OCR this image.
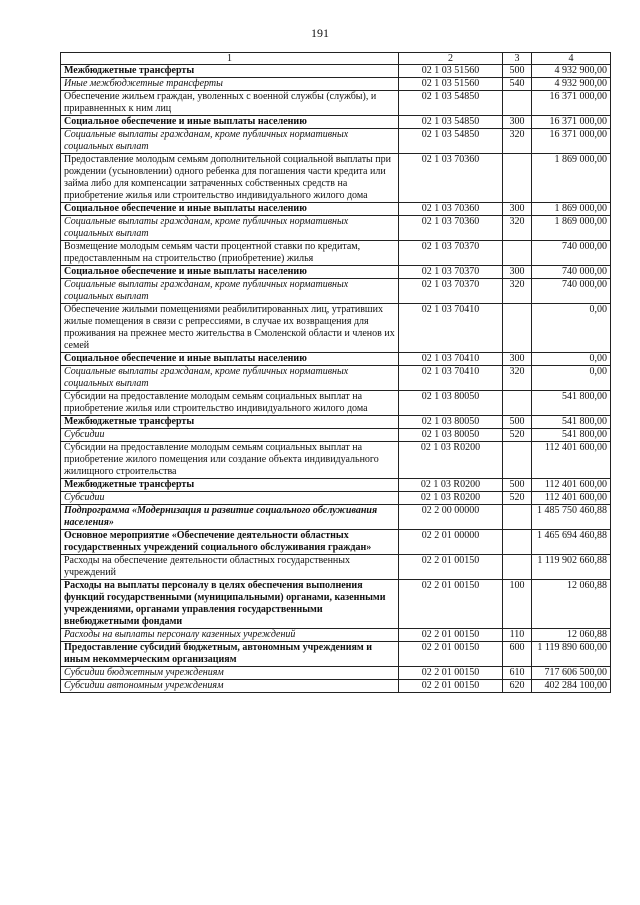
191
1	2	3	4
Межбюджетные трансферты	02 1 03 51560	500	4 932 900,00
Иные межбюджетные трансферты	02 1 03 51560	540	4 932 900,00
Обеспечение жильем граждан, уволенных с военной службы (службы), и приравненных к ним лиц	02 1 03 54850		16 371 000,00
Социальное обеспечение и иные выплаты населению	02 1 03 54850	300	16 371 000,00
Социальные выплаты гражданам, кроме публичных нормативных социальных выплат	02 1 03 54850	320	16 371 000,00
Предоставление молодым семьям дополнительной социальной выплаты при рождении (усыновлении) одного ребенка для погашения части кредита или займа либо для компенсации затраченных собственных средств на приобретение жилья или строительство индивидуального жилого дома	02 1 03 70360		1 869 000,00
Социальное обеспечение и иные выплаты населению	02 1 03 70360	300	1 869 000,00
Социальные выплаты гражданам, кроме публичных нормативных социальных выплат	02 1 03 70360	320	1 869 000,00
Возмещение молодым семьям части процентной ставки по кредитам, предоставленным на строительство (приобретение) жилья	02 1 03 70370		740 000,00
Социальное обеспечение и иные выплаты населению	02 1 03 70370	300	740 000,00
Социальные выплаты гражданам, кроме публичных нормативных социальных выплат	02 1 03 70370	320	740 000,00
Обеспечение жилыми помещениями реабилитированных лиц, утративших жилые помещения в связи с репрессиями, в случае их возвращения для проживания на прежнее место жительства в Смоленской области и членов их семей	02 1 03 70410		0,00
Социальное обеспечение и иные выплаты населению	02 1 03 70410	300	0,00
Социальные выплаты гражданам, кроме публичных нормативных социальных выплат	02 1 03 70410	320	0,00
Субсидии на предоставление молодым семьям социальных выплат на приобретение жилья или строительство индивидуального жилого дома	02 1 03 80050		541 800,00
Межбюджетные трансферты	02 1 03 80050	500	541 800,00
Субсидии	02 1 03 80050	520	541 800,00
Субсидии на предоставление молодым семьям социальных выплат на приобретение жилого помещения или создание объекта индивидуального жилищного строительства	02 1 03 R0200		112 401 600,00
Межбюджетные трансферты	02 1 03 R0200	500	112 401 600,00
Субсидии	02 1 03 R0200	520	112 401 600,00
Подпрограмма «Модернизация и развитие социального обслуживания населения»	02 2 00 00000		1 485 750 460,88
Основное мероприятие «Обеспечение деятельности областных государственных учреждений социального обслуживания граждан»	02 2 01 00000		1 465 694 460,88
Расходы на обеспечение деятельности областных государственных учреждений	02 2 01 00150		1 119 902 660,88
Расходы на выплаты персоналу в целях обеспечения выполнения функций государственными (муниципальными) органами, казенными учреждениями, органами управления государственными внебюджетными фондами	02 2 01 00150	100	12 060,88
Расходы на выплаты персоналу казенных учреждений	02 2 01 00150	110	12 060,88
Предоставление субсидий бюджетным, автономным учреждениям и иным некоммерческим организациям	02 2 01 00150	600	1 119 890 600,00
Субсидии бюджетным учреждениям	02 2 01 00150	610	717 606 500,00
Субсидии автономным учреждениям	02 2 01 00150	620	402 284 100,00
